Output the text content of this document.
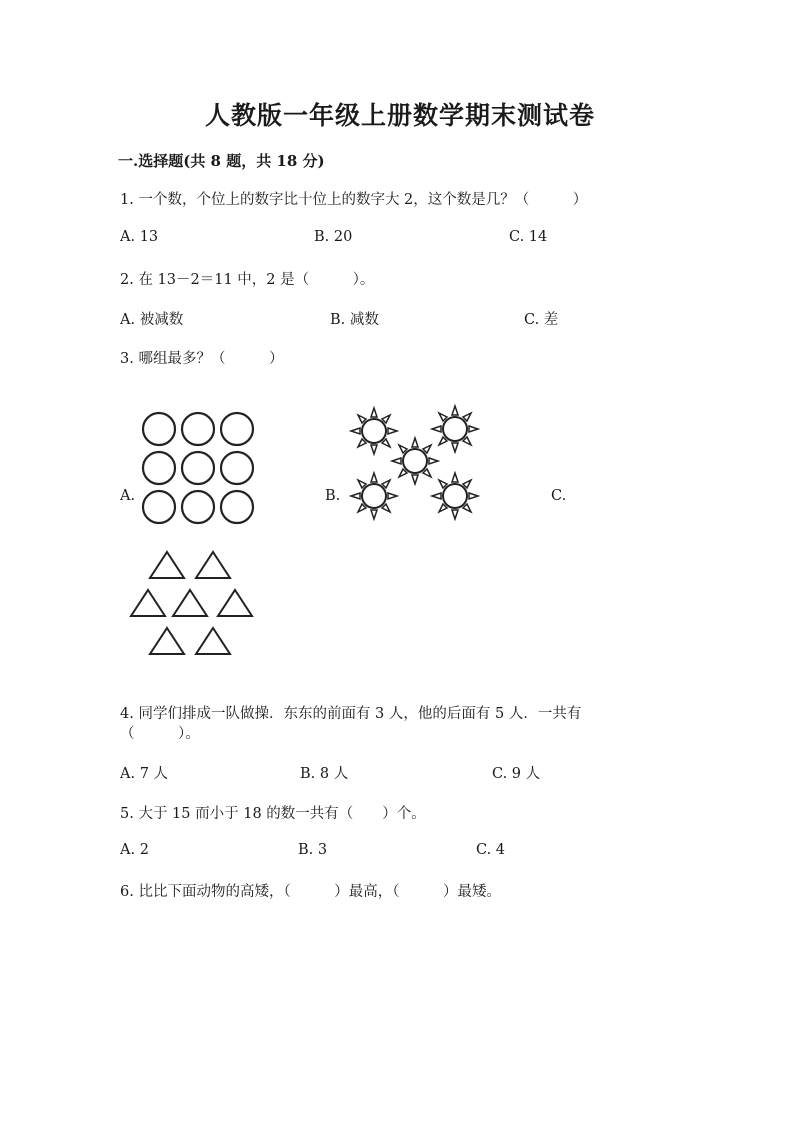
人教版一年级上册数学期末测试卷
一.选择题(共 8 题，共 18 分)
1. 一个数，个位上的数字比十位上的数字大 2，这个数是几？（　　　）
A. 13	B. 20	C. 14
2. 在 13－2＝11 中，2 是（　　　）。
A. 被减数	B. 减数	C. 差
3. 哪组最多？（　　　）
A.	B.	C.
4. 同学们排成一队做操．东东的前面有 3 人，他的后面有 5 人．一共有
（　　　）。
A. 7 人	B. 8 人	C. 9 人
5. 大于 15 而小于 18 的数一共有（　　）个。
A. 2	B. 3	C. 4
6. 比比下面动物的高矮，（　　　）最高，（　　　）最矮。
